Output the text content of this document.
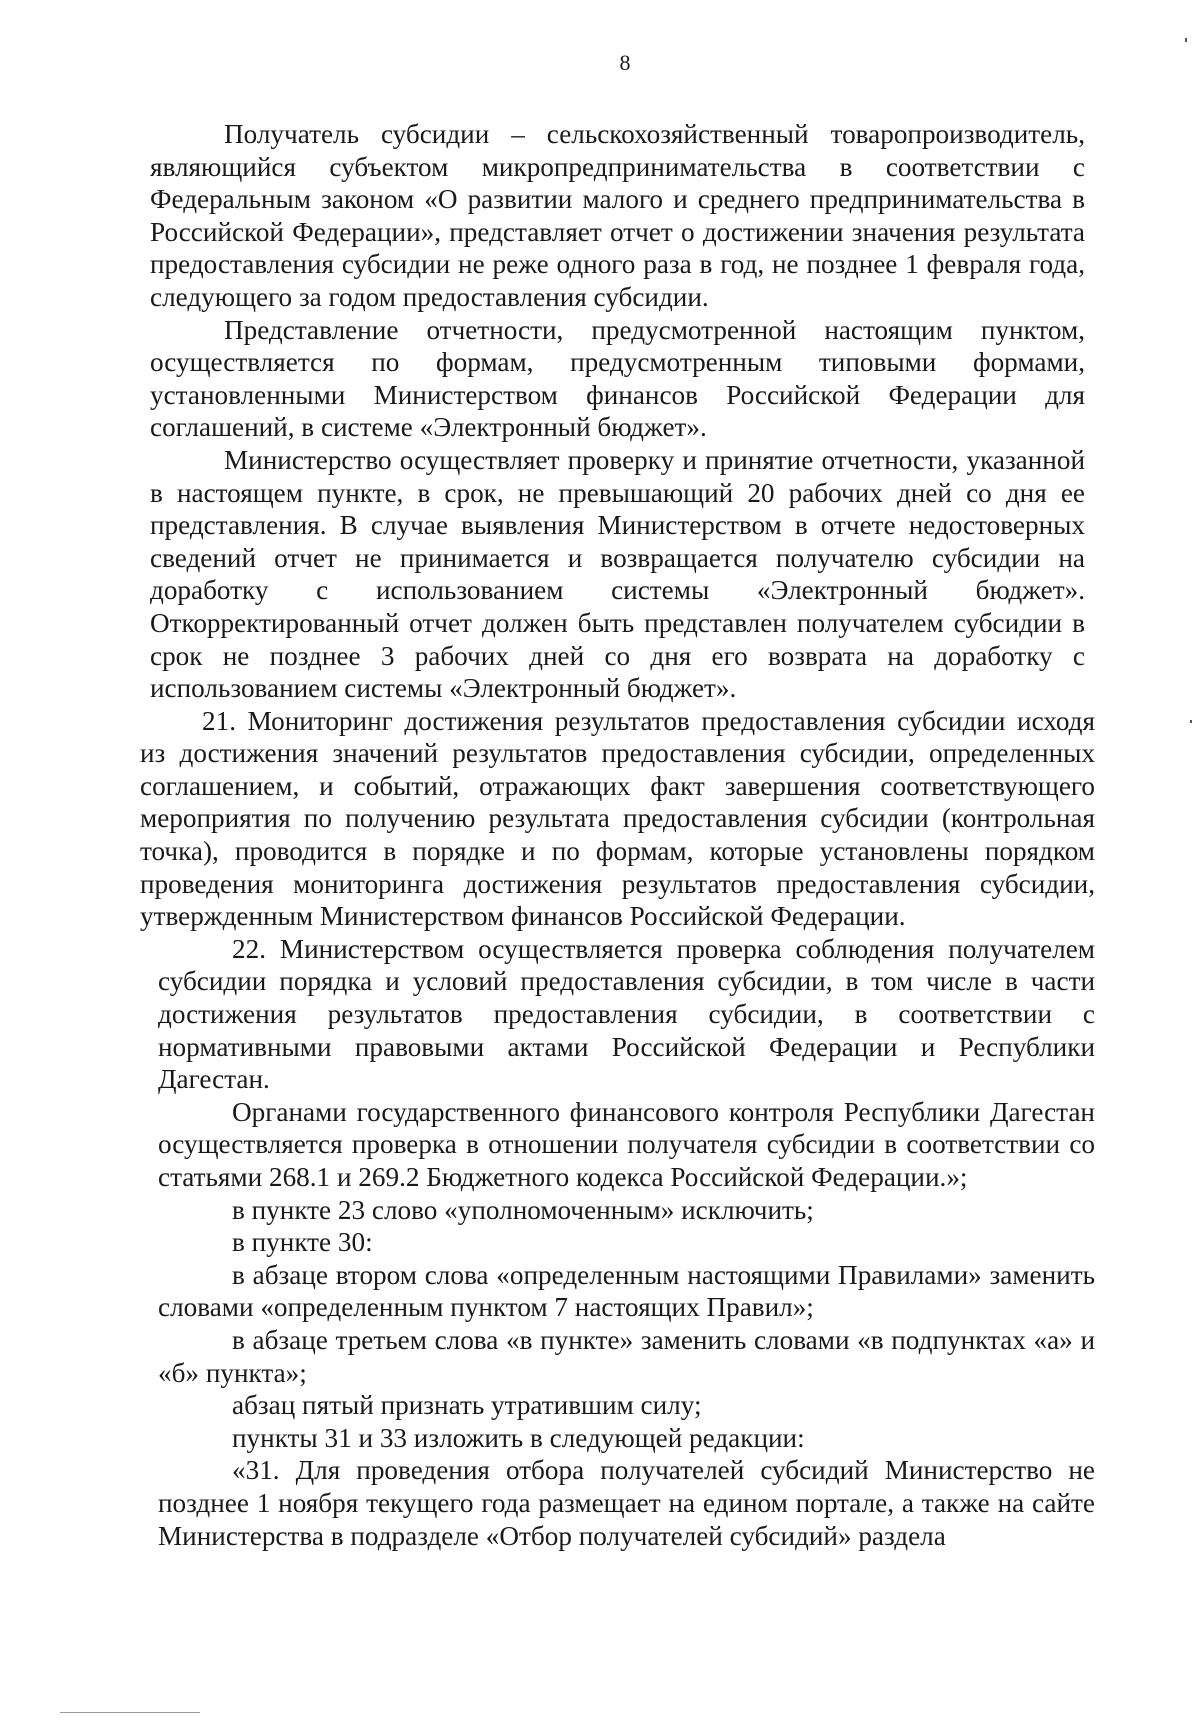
8

Получатель субсидии – сельскохозяйственный товаропроизводитель, являющийся субъектом микропредпринимательства в соответствии с Федеральным законом «О развитии малого и среднего предпринимательства в Российской Федерации», представляет отчет о достижении значения результата предоставления субсидии не реже одного раза в год, не позднее 1 февраля года, следующего за годом предоставления субсидии.

Представление отчетности, предусмотренной настоящим пунктом, осуществляется по формам, предусмотренным типовыми формами, установленными Министерством финансов Российской Федерации для соглашений, в системе «Электронный бюджет».

Министерство осуществляет проверку и принятие отчетности, указанной в настоящем пункте, в срок, не превышающий 20 рабочих дней со дня ее представления. В случае выявления Министерством в отчете недостоверных сведений отчет не принимается и возвращается получателю субсидии на доработку с использованием системы «Электронный бюджет». Откорректированный отчет должен быть представлен получателем субсидии в срок не позднее 3 рабочих дней со дня его возврата на доработку с использованием системы «Электронный бюджет».

21. Мониторинг достижения результатов предоставления субсидии исходя из достижения значений результатов предоставления субсидии, определенных соглашением, и событий, отражающих факт завершения соответствующего мероприятия по получению результата предоставления субсидии (контрольная точка), проводится в порядке и по формам, которые установлены порядком проведения мониторинга достижения результатов предоставления субсидии, утвержденным Министерством финансов Российской Федерации.

22. Министерством осуществляется проверка соблюдения получателем субсидии порядка и условий предоставления субсидии, в том числе в части достижения результатов предоставления субсидии, в соответствии с нормативными правовыми актами Российской Федерации и Республики Дагестан.

Органами государственного финансового контроля Республики Дагестан осуществляется проверка в отношении получателя субсидии в соответствии со статьями 268.1 и 269.2 Бюджетного кодекса Российской Федерации.»;

в пункте 23 слово «уполномоченным» исключить;

в пункте 30:

в абзаце втором слова «определенным настоящими Правилами» заменить словами «определенным пунктом 7 настоящих Правил»;

в абзаце третьем слова «в пункте» заменить словами «в подпунктах «а» и «б» пункта»;

абзац пятый признать утратившим силу;

пункты 31 и 33 изложить в следующей редакции:

«31. Для проведения отбора получателей субсидий Министерство не позднее 1 ноября текущего года размещает на едином портале, а также на сайте Министерства в подразделе «Отбор получателей субсидий» раздела
